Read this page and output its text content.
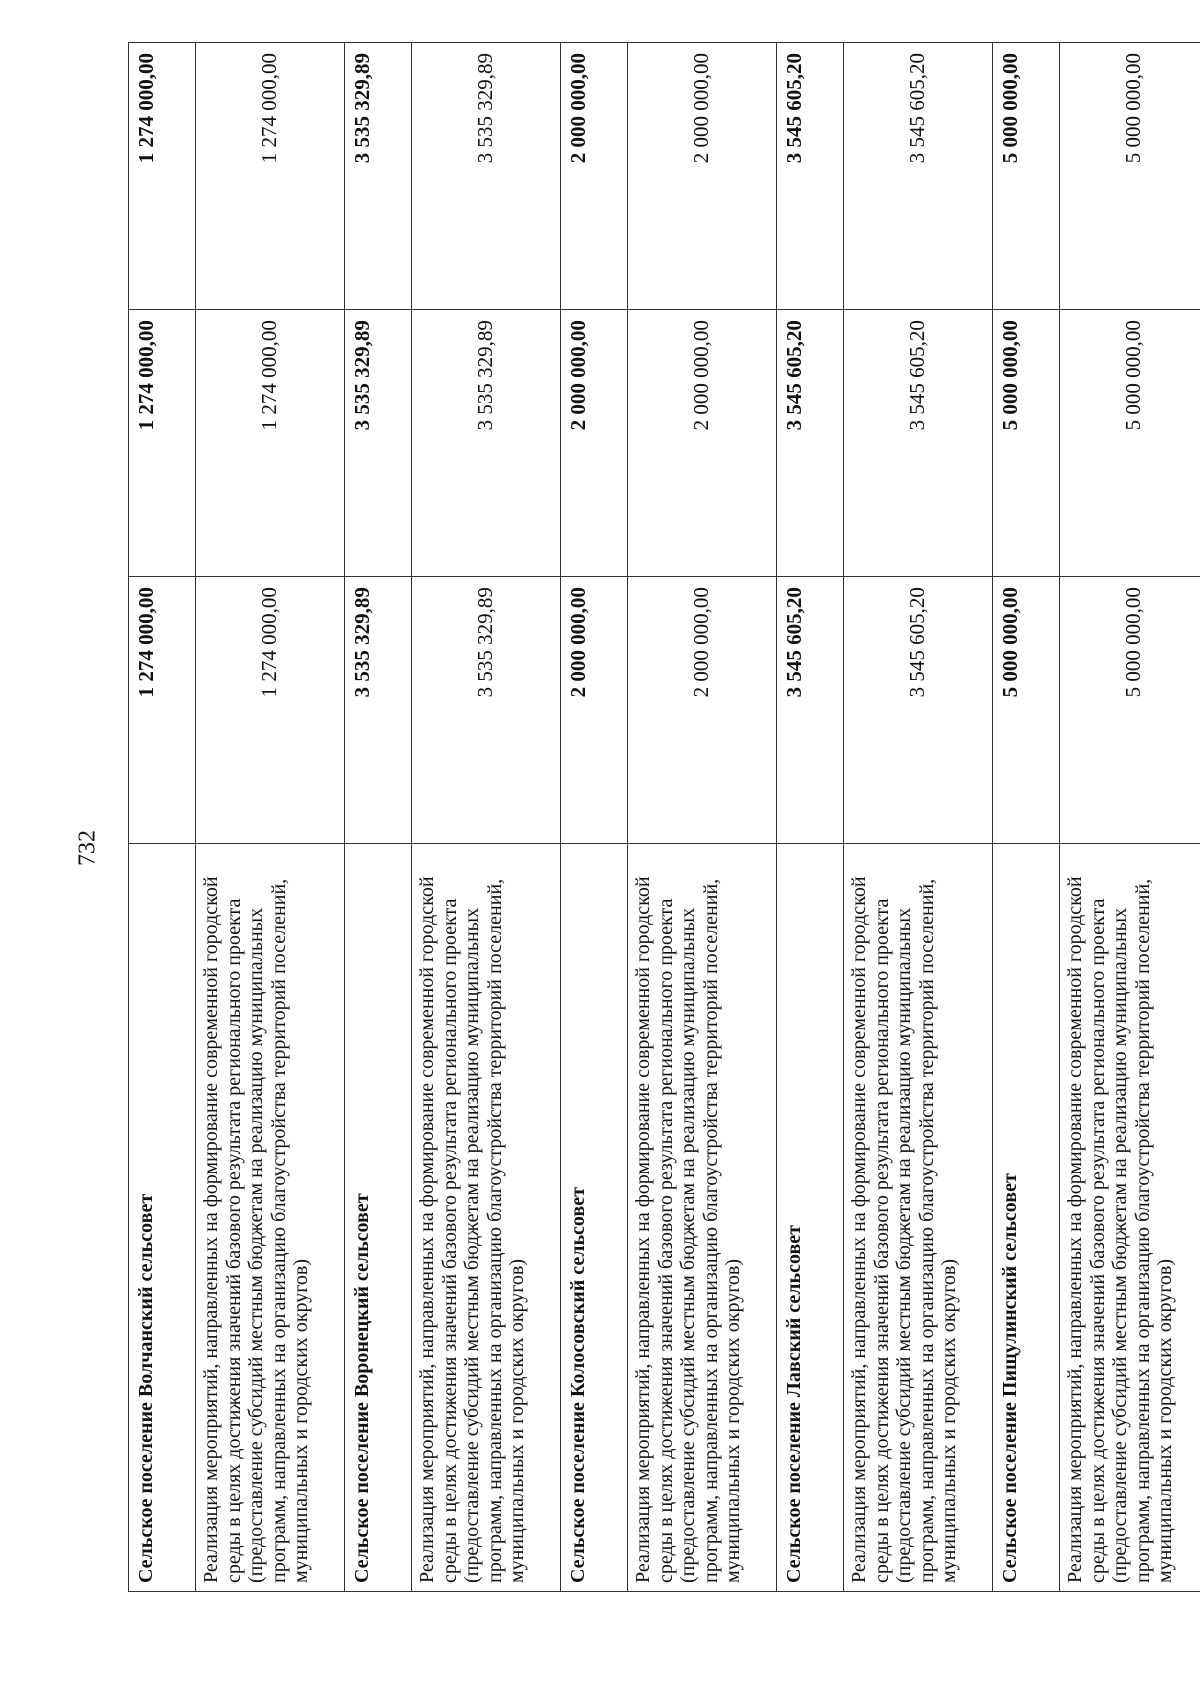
732
Сельское поселение Волчанский сельсовет	1 274 000,00	1 274 000,00	1 274 000,00
Реализация мероприятий, направленных на формирование современной городской среды в целях достижения значений базового результата регионального проекта (предоставление субсидий местным бюджетам на реализацию муниципальных программ, направленных на организацию благоустройства территорий поселений, муниципальных и городских округов)	1 274 000,00	1 274 000,00	1 274 000,00
Сельское поселение Воронецкий сельсовет	3 535 329,89	3 535 329,89	3 535 329,89
Реализация мероприятий, направленных на формирование современной городской среды в целях достижения значений базового результата регионального проекта (предоставление субсидий местным бюджетам на реализацию муниципальных программ, направленных на организацию благоустройства территорий поселений, муниципальных и городских округов)	3 535 329,89	3 535 329,89	3 535 329,89
Сельское поселение Колосовский сельсовет	2 000 000,00	2 000 000,00	2 000 000,00
Реализация мероприятий, направленных на формирование современной городской среды в целях достижения значений базового результата регионального проекта (предоставление субсидий местным бюджетам на реализацию муниципальных программ, направленных на организацию благоустройства территорий поселений, муниципальных и городских округов)	2 000 000,00	2 000 000,00	2 000 000,00
Сельское поселение Лавский сельсовет	3 545 605,20	3 545 605,20	3 545 605,20
Реализация мероприятий, направленных на формирование современной городской среды в целях достижения значений базового результата регионального проекта (предоставление субсидий местным бюджетам на реализацию муниципальных программ, направленных на организацию благоустройства территорий поселений, муниципальных и городских округов)	3 545 605,20	3 545 605,20	3 545 605,20
Сельское поселение Пищулинский сельсовет	5 000 000,00	5 000 000,00	5 000 000,00
Реализация мероприятий, направленных на формирование современной городской среды в целях достижения значений базового результата регионального проекта (предоставление субсидий местным бюджетам на реализацию муниципальных программ, направленных на организацию благоустройства территорий поселений, муниципальных и городских округов)	5 000 000,00	5 000 000,00	5 000 000,00
